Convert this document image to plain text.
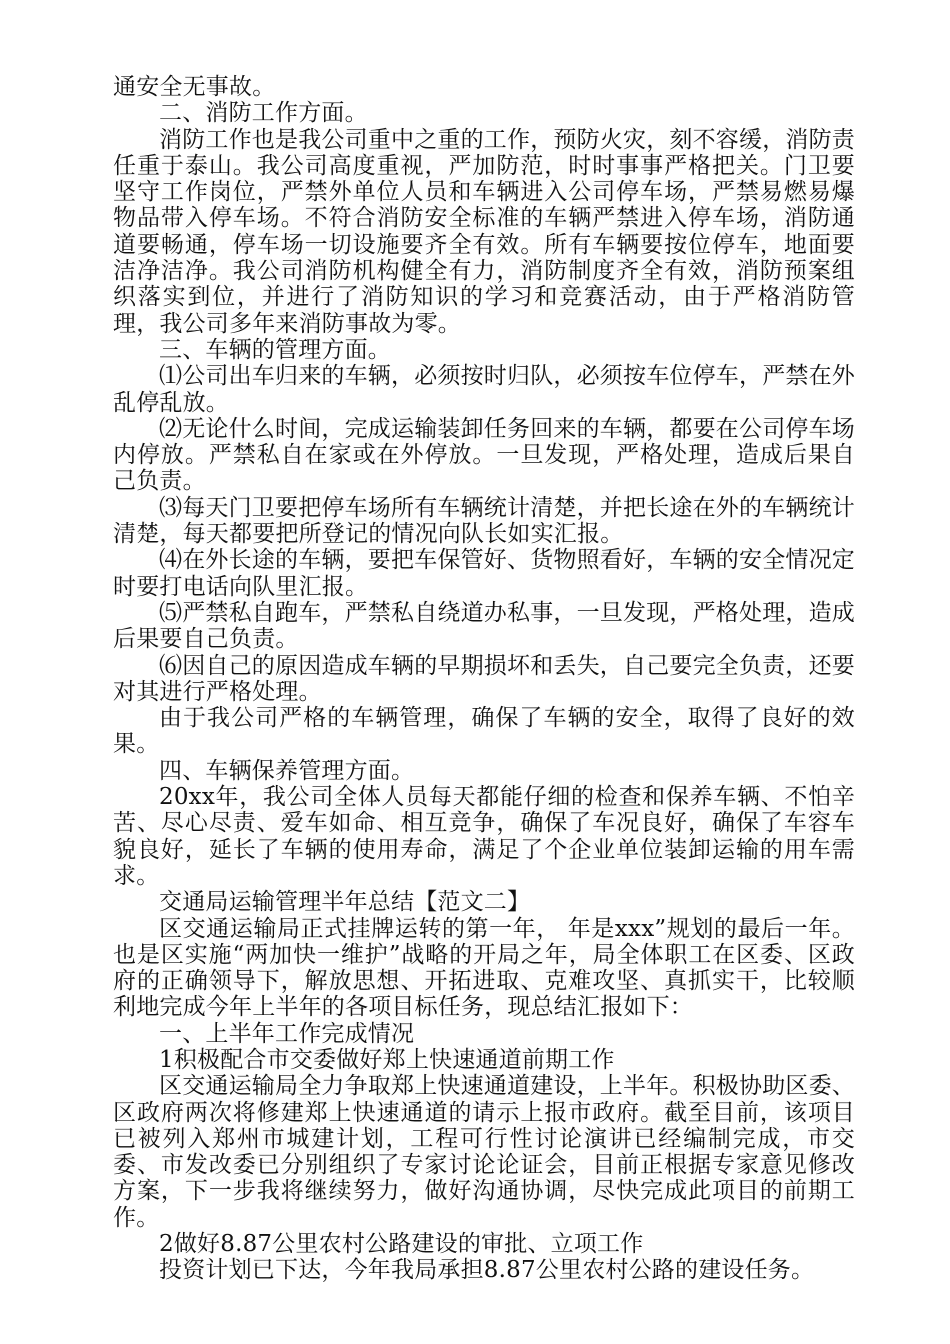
通安全无事故。

二、消防工作方面。

消防工作也是我公司重中之重的工作，预防火灾，刻不容缓，消防责任重于泰山。我公司高度重视，严加防范，时时事事严格把关。门卫要坚守工作岗位，严禁外单位人员和车辆进入公司停车场，严禁易燃易爆物品带入停车场。不符合消防安全标准的车辆严禁进入停车场，消防通道要畅通，停车场一切设施要齐全有效。所有车辆要按位停车，地面要洁净洁净。我公司消防机构健全有力，消防制度齐全有效，消防预案组织落实到位，并进行了消防知识的学习和竞赛活动，由于严格消防管理，我公司多年来消防事故为零。

三、车辆的管理方面。

⑴公司出车归来的车辆，必须按时归队，必须按车位停车，严禁在外乱停乱放。

⑵无论什么时间，完成运输装卸任务回来的车辆，都要在公司停车场内停放。严禁私自在家或在外停放。一旦发现，严格处理，造成后果自己负责。

⑶每天门卫要把停车场所有车辆统计清楚，并把长途在外的车辆统计清楚，每天都要把所登记的情况向队长如实汇报。

⑷在外长途的车辆，要把车保管好、货物照看好，车辆的安全情况定时要打电话向队里汇报。

⑸严禁私自跑车，严禁私自绕道办私事，一旦发现，严格处理，造成后果要自己负责。

⑹因自己的原因造成车辆的早期损坏和丢失，自己要完全负责，还要对其进行严格处理。

由于我公司严格的车辆管理，确保了车辆的安全，取得了良好的效果。

四、车辆保养管理方面。

20xx年，我公司全体人员每天都能仔细的检查和保养车辆、不怕辛苦、尽心尽责、爱车如命、相互竞争，确保了车况良好，确保了车容车貌良好，延长了车辆的使用寿命，满足了个企业单位装卸运输的用车需求。

交通局运输管理半年总结【范文二】

区交通运输局正式挂牌运转的第一年， 年是xxx”规划的最后一年。也是区实施“两加快一维护”战略的开局之年，局全体职工在区委、区政府的正确领导下，解放思想、开拓进取、克难攻坚、真抓实干，比较顺利地完成今年上半年的各项目标任务，现总结汇报如下：

一、上半年工作完成情况

1积极配合市交委做好郑上快速通道前期工作

区交通运输局全力争取郑上快速通道建设，上半年。积极协助区委、区政府两次将修建郑上快速通道的请示上报市政府。截至目前，该项目已被列入郑州市城建计划，工程可行性讨论演讲已经编制完成，市交委、市发改委已分别组织了专家讨论论证会，目前正根据专家意见修改方案，下一步我将继续努力，做好沟通协调，尽快完成此项目的前期工作。

2做好8.87公里农村公路建设的审批、立项工作

投资计划已下达，今年我局承担8.87公里农村公路的建设任务。
